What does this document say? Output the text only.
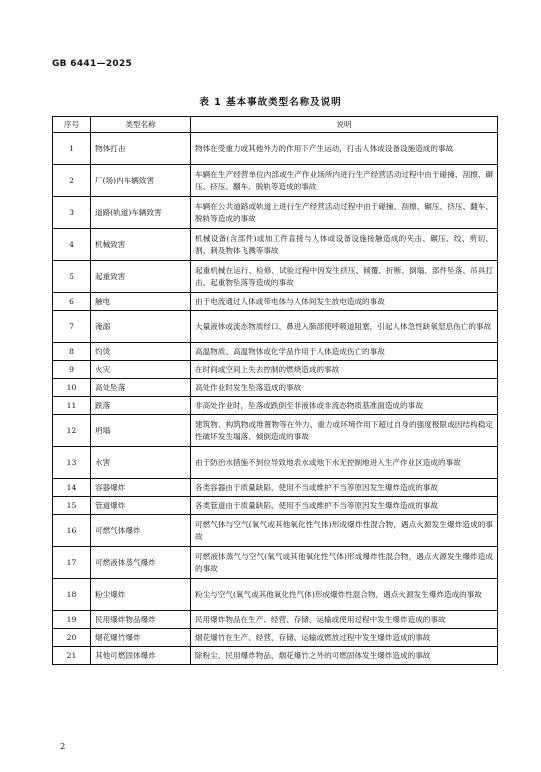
GB 6441—2025
表 1 基本事故类型名称及说明
序号	类型名称	说明
1	物体打击	物体在受重力或其他外力的作用下产生运动，打击人体或设备设施造成的事故
2	厂(场)内车辆致害	车辆在生产经营单位内部或生产作业场所内进行生产经营活动过程中由于碰撞、刮擦、碾压、挤压、翻车、脱轨等造成的事故
3	道路(轨道)车辆致害	车辆在公共道路或轨道上进行生产经营活动过程中由于碰撞、刮擦、碾压、挤压、翻车、脱轨等造成的事故
4	机械致害	机械设备(含部件)或加工件直接与人体或设备设施接触造成的夹击、碾压、绞、剪切、割、刺及物体飞溅等事故
5	起重致害	起重机械在运行、检修、试验过程中因发生挤压、倾覆、折断、倒塌、部件坠落、吊具打击、起重物坠落等造成的事故
6	触电	由于电流通过人体或带电体与人体间发生放电造成的事故
7	淹溺	大量液体或流态物质经口、鼻进入肺部使呼吸道阻塞，引起人体急性缺氧窒息伤亡的事故
8	灼烫	高温物质、高温物体或化学品作用于人体造成伤亡的事故
9	火灾	在时间或空间上失去控制的燃烧造成的事故
10	高处坠落	高处作业时发生坠落造成的事故
11	跌落	非高处作业时，坠落或跌倒至非液体或非流态物质基准面造成的事故
12	坍塌	建筑物、构筑物或堆置物等在外力、重力或环境作用下超过自身的强度极限或因结构稳定性破坏发生塌落、倾倒造成的事故
13	水害	由于防治水措施不到位导致地表水或地下水无控制地进入生产作业区造成的事故
14	容器爆炸	各类容器由于质量缺陷、使用不当或维护不当等原因发生爆炸造成的事故
15	管道爆炸	各类管道由于质量缺陷、使用不当或维护不当等原因发生爆炸造成的事故
16	可燃气体爆炸	可燃气体与空气(氧气或其他氧化性气体)形成爆炸性混合物，遇点火源发生爆炸造成的事故
17	可燃液体蒸气爆炸	可燃液体蒸气与空气(氧气或其他氧化性气体)形成爆炸性混合物，遇点火源发生爆炸造成的事故
18	粉尘爆炸	粉尘与空气(氧气或其他氧化性气体)形成爆炸性混合物，遇点火源发生爆炸造成的事故
19	民用爆炸物品爆炸	民用爆炸物品在生产、经营、存储、运输或使用过程中发生爆炸造成的事故
20	烟花爆竹爆炸	烟花爆竹在生产、经营、存储、运输或燃放过程中发生爆炸造成的事故
21	其他可燃固体爆炸	除粉尘、民用爆炸物品、烟花爆竹之外的可燃固体发生爆炸造成的事故
2
